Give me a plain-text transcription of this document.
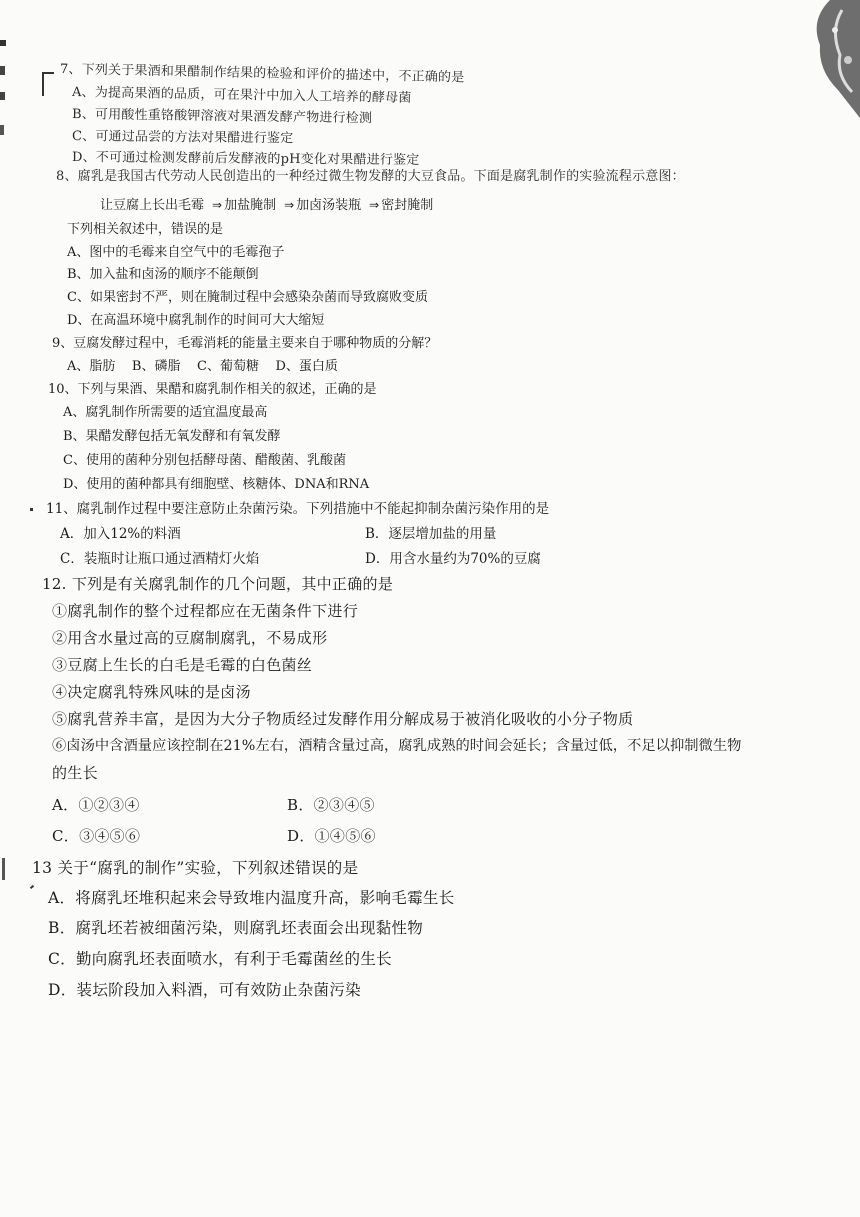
7、下列关于果酒和果醋制作结果的检验和评价的描述中，不正确的是
A、为提高果酒的品质，可在果汁中加入人工培养的酵母菌
B、可用酸性重铬酸钾溶液对果酒发酵产物进行检测
C、可通过品尝的方法对果醋进行鉴定
D、不可通过检测发酵前后发酵液的pH变化对果醋进行鉴定
8、腐乳是我国古代劳动人民创造出的一种经过微生物发酵的大豆食品。下面是腐乳制作的实验流程示意图：
让豆腐上长出毛霉 ⇒ 加盐腌制 ⇒ 加卤汤装瓶 ⇒ 密封腌制
下列相关叙述中，错误的是
A、图中的毛霉来自空气中的毛霉孢子
B、加入盐和卤汤的顺序不能颠倒
C、如果密封不严，则在腌制过程中会感染杂菌而导致腐败变质
D、在高温环境中腐乳制作的时间可大大缩短
9、豆腐发酵过程中，毛霉消耗的能量主要来自于哪种物质的分解？
A、脂肪    B、磷脂    C、葡萄糖    D、蛋白质
10、下列与果酒、果醋和腐乳制作相关的叙述，正确的是
A、腐乳制作所需要的适宜温度最高
B、果醋发酵包括无氧发酵和有氧发酵
C、使用的菌种分别包括酵母菌、醋酸菌、乳酸菌
D、使用的菌种都具有细胞壁、核糖体、DNA和RNA
11、腐乳制作过程中要注意防止杂菌污染。下列措施中不能起抑制杂菌污染作用的是
A．加入12%的料酒	B．逐层增加盐的用量
C．装瓶时让瓶口通过酒精灯火焰	D．用含水量约为70%的豆腐
12. 下列是有关腐乳制作的几个问题，其中正确的是
①腐乳制作的整个过程都应在无菌条件下进行
②用含水量过高的豆腐制腐乳，不易成形
③豆腐上生长的白毛是毛霉的白色菌丝
④决定腐乳特殊风味的是卤汤
⑤腐乳营养丰富，是因为大分子物质经过发酵作用分解成易于被消化吸收的小分子物质
⑥卤汤中含酒量应该控制在21%左右，酒精含量过高，腐乳成熟的时间会延长；含量过低，不足以抑制微生物
的生长
A．①②③④	B．②③④⑤
C．③④⑤⑥	D．①④⑤⑥
13 关于“腐乳的制作”实验，下列叙述错误的是
A．将腐乳坯堆积起来会导致堆内温度升高，影响毛霉生长
B．腐乳坯若被细菌污染，则腐乳坯表面会出现黏性物
C．勤向腐乳坯表面喷水，有利于毛霉菌丝的生长
D．装坛阶段加入料酒，可有效防止杂菌污染
